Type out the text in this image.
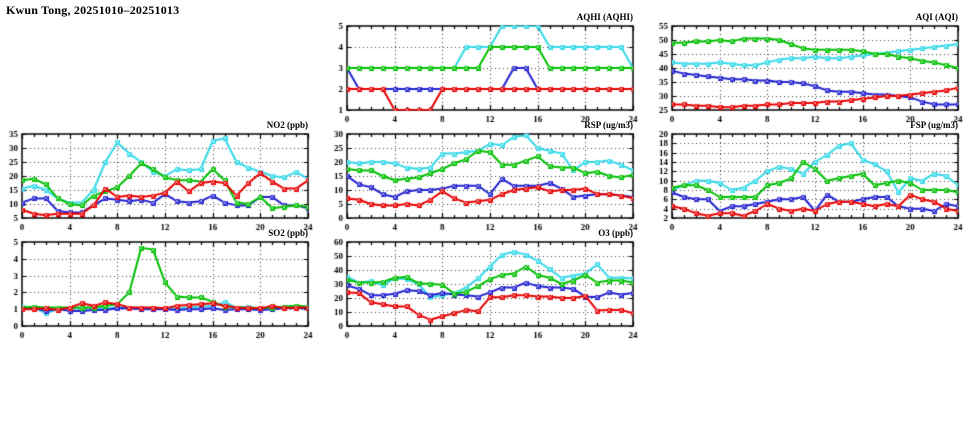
Kwun Tong, 20251010–20251013	AQHI (AQHI)	AQI (AQI)
NO2 (ppb)	RSP (ug/m3)	FSP (ug/m3)
SO2 (ppb)	O3 (ppb)
